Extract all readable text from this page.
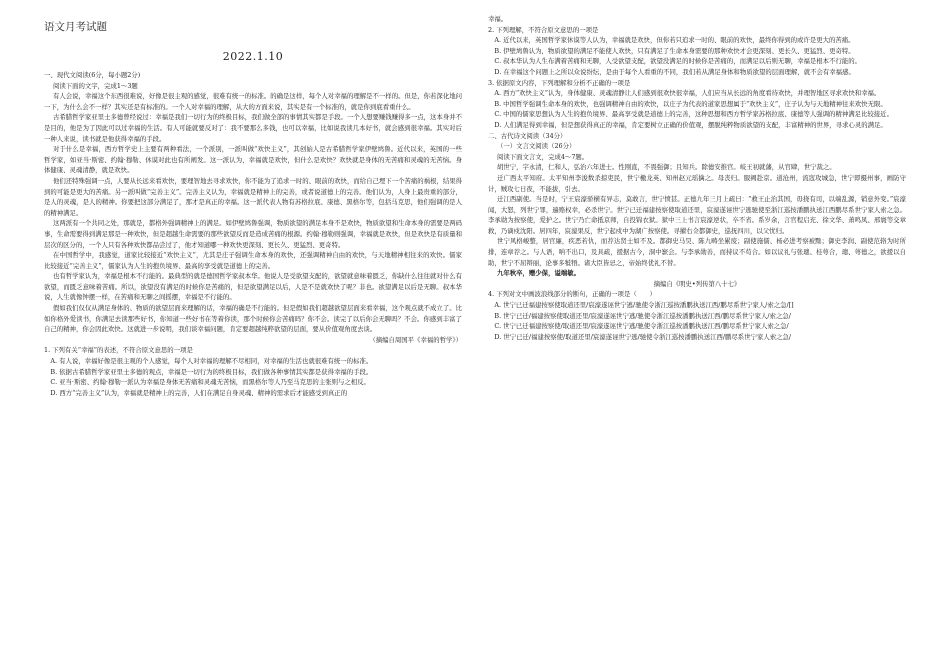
语文月考试题
2022.1.10

一、现代文阅读(6分，每小题2分)

阅读下面的文字，完成1～3题

有人会说，幸福这个东西很难说，好像是很主观的感觉，很难有统一的标准。的确是这样，每个人对幸福的理解是不一样的。但是，你若深化地问一下，为什么会不一样？其实还是有标准的。一个人对幸福的理解，从大的方面来说，其实是有一个标准的，就是你到底看重什么。

古希腊哲学家亚里士多德曾经说过：幸福是我们一切行为的终极目标，我们做全部的事情其实都是手段。一个人想要赚钱赚得多一点，这本身并不是目的，他是为了因此可以过幸福的生活。有人可能就要反对了：我不要那么多钱，也可以幸福，比如说我读几本好书，就会感到很幸福。其实对后一种人来说，读书就是他获得幸福的手段。

对于什么是幸福，西方哲学史上主要有两种看法，一个派别，一派叫做“欢快主义”，其创始人是古希腊哲学家伊壁鸠鲁。近代以来，英国的一些哲学家，如亚当·斯密、约翰·穆勒、休谟对此也有所阐发。这一派认为，幸福就是欢快，但什么是欢快？欢快就是身体的无苦痛和灵魂的无苦恼。身体健康、灵魂清静，就是欢快。

他们还特殊强调一点，人要从长远来看欢快，要理智地去寻求欢快，你不能为了追求一时的、眼前的欢快，而给自己埋下一个苦痛的祸根，结果得到的可能是更大的苦痛。另一派叫做“完善主义”。完善主义认为，幸福就是精神上的完善，或者说道德上的完善。他们认为，人身上最贵重的部分，是人的灵魂，是人的精神。你要把这部分满足了，那才是真正的幸福。这一派代表人物有苏格拉底、康德、黑格尔等，包括马克思，他们强调的是人的精神满足。

这两派有一个共同之处，那就是，都格外强调精神上的满足。如伊壁鸠鲁强调，物质欲望的满足本身不是欢快，物质欲望和生命本身的需要是两码事，生命需要得到满足那是一种欢快，但是超越生命需要的那些欲望反而是造成苦痛的根源。约翰·穆勒则强调，幸福就是欢快，但是欢快是有质量和层次的区分的，一个人只有各种欢快都品尝过了，他才知道哪一种欢快更深刻、更长久、更猛烈、更奇特。

在中国哲学中，我感觉，道家比较接近“欢快主义”，尤其是庄子强调生命本身的欢快，还强调精神自由的欢快，与天地精神相往来的欢快。儒家比较接近“完善主义”，儒家认为人生的抱负境界、最高的享受就是道德上的完善。

也有哲学家认为，幸福是根本不行能的。最典型的就是德国哲学家叔本华。他说人是受欲望支配的，欲望就意味着匮乏，你缺什么往往就对什么有欲望，而匮乏意味着苦痛。所以，欲望没有满足的时候你是苦痛的，但是欲望满足以后，人是不是就欢快了呢？非也。欲望满足以后是无聊。叔本华说，人生就像钟摆一样，在苦痛和无聊之间摇摆，幸福是不行能的。

假如我们仅仅从满足身体的、物质的欲望层面来理解的话，幸福的确是不行能的。但是假如我们超越欲望层面来看幸福，这个观点就不成立了。比如你格外爱读书，你满足去读那些好书，你知道一些好书在等着你读，那个时候你会苦痛吗？你不会。读完了以后你会无聊吗？不会。你感到丰富了自己的精神，你会因此欢快。这就进一步说明，我们谈幸福问题，肯定要超越纯粹欲望的层面，要从价值观角度去谈。

（摘编自周国平《幸福的哲学》）

1. 下列有关“幸福”的表述，不符合原文意思的一项是

A. 有人说，幸福好像是很主观的个人感觉，每个人对幸福的理解不尽相同，对幸福的生活也就很难有统一的标准。

B. 依据古希腊哲学家亚里士多德的观点，幸福是一切行为的终极目标，我们做各种事情其实都是获得幸福的手段。

C. 亚当·斯密、约翰·穆勒一派认为幸福是身体无苦痛和灵魂无苦恼，而黑格尔等人乃至马克思的主张则与之相反。

D. 西方“完善主义”认为，幸福就是精神上的完善，人们在满足自身灵魂、精神的需求后才能感受到真正的

幸福。

2. 下列理解，不符合原文意思的一项是

A. 近代以来，英国哲学家休谟等人认为，幸福就是欢快，但你若只追求一时的、眼前的欢快，最终你得到的或许是更大的苦痛。

B. 伊壁鸠鲁认为，物质欲望的满足不能使人欢快，只有满足了生命本身需要的那种欢快才会更深刻、更长久、更猛烈、更奇特。

C. 叔本华认为人生布满着苦痛和无聊，人受欲望支配，欲望没满足的时候你是苦痛的，而满足以后则无聊，幸福是根本不行能的。

D. 在幸福这个问题上之所以众说纷纭，是由于每个人看重的不同，我们若从满足身体和物质欲望的层面理解，就不会有幸福感。

3. 依据原文内容，下列理解和分析不正确的一项是

A. 西方“欢快主义”认为，身体健康、灵魂清静让人们感到很欢快很幸福，人们应当从长远的角度看待欢快，并理智地区寻求欢快和幸福。

B. 中国哲学强调生命本身的欢快，也强调精神自由的欢快，以庄子为代表的道家思想属于“欢快主义”，庄子认为与天地精神往来欢快无限。

C. 中国的儒家思想认为人生的抱负境界、最高享受就是道德上的完善，这种思想和西方哲学家苏格拉底、康德等人强调的精神满足比较接近。

D. 人们满足得到幸福，但是想获得真正的幸福，肯定要树立正确的价值观，摆脱纯粹物质欲望的支配，丰富精神的世界，寻求心灵的满足。

二、古代诗文阅读（34分）

（一）文言文阅读（26分）

阅读下面文言文，完成4～7题。

胡世宁，字永清，仁和人，弘治六年进士。性刚直，不畏强御；且知兵。除德安推官。岐王初就藩，从官肆，世宁裁之。

迁广西太平知府。太平知州李浚数杀掠吏民，世宁檄龙英、知州赵元瑶擒之。母丧归。服阙赴京。道沧州，流寇攻城急，世宁即摄州事，画防守计，贼攻七日夜，不能拔，引去。

迁江西副使。当是时，宁王宸濠骄横有异志，莫敢言，世宁愤甚。正德九年三月上疏曰：“救王止治其国，毋挠有司，以端乱源，销意外变。”宸濠闻，大怒，列世宁罪，遍赂权幸，必杀世宁。世宁已迁福建按察使取道还里，宸濠遂诬世宁逃驰使至浙江巡按潘鹏执送江西鹏尽系世宁家人索之急。李承勋为按察使，爱护之。世宁乃亡命抵京师，自投锦衣狱。狱中三上书言宸濠逆状，卒不省。系岁余，言官程启充、徐文华、萧鸣凤、邢寰等交章救，乃谪戍沈阳。居四年，宸濠果反，世宁起戍中为湖广按察使。寻擢右佥都御史，巡抚四川，以父忧归。

世宁风格峻整，居官廉，疾恶若仇，而荐达贤士如不及。都御史马昊、陈九畴坐累废；副使施儒、杨必进考察被黜；御史李润、副使范辂为时所排，连章荐之。与人语，呐不出口，及具疏，援据古今，洞中窾会。与李承勋善，而持议不苟合。如以议礼与张璁、桂萼合，璁、萼德之，欲援以自助，世宁不屈辩丽，论事多牴牾。诸大臣皆忌之，帝始终优礼不替。

九年秋卒，赠少保，谥端敏。

摘编自《明史•列传第八十七》

4. 下列对文中画波浪线部分的断句，正确的一项是（　　）

A. 世宁已迁福建按察使取道还里/宸濠遂诬世宁逃/驰使令浙江巡按潘鹏执送江西/鹏尽系世宁家人/索之急/[]

B. 世宁已迁/福建按察使取道还里/宸濠遂诬世宁逃/驰使令浙江巡按潘鹏执送江西/鹏尽系世宁家人/索之急/

C. 世宁已迁福建按察使/取道还里/宸濠遂诬世宁逃/驰使令浙江巡按潘鹏执送江西/鹏尽系世宁家人索之急/

D. 世宁已迁/福建按察使/取道还里/宸濠遂诬世宁逃/驰使令浙江巡按潘鹏执送江西/鹏尽系世宁家人索之急/
